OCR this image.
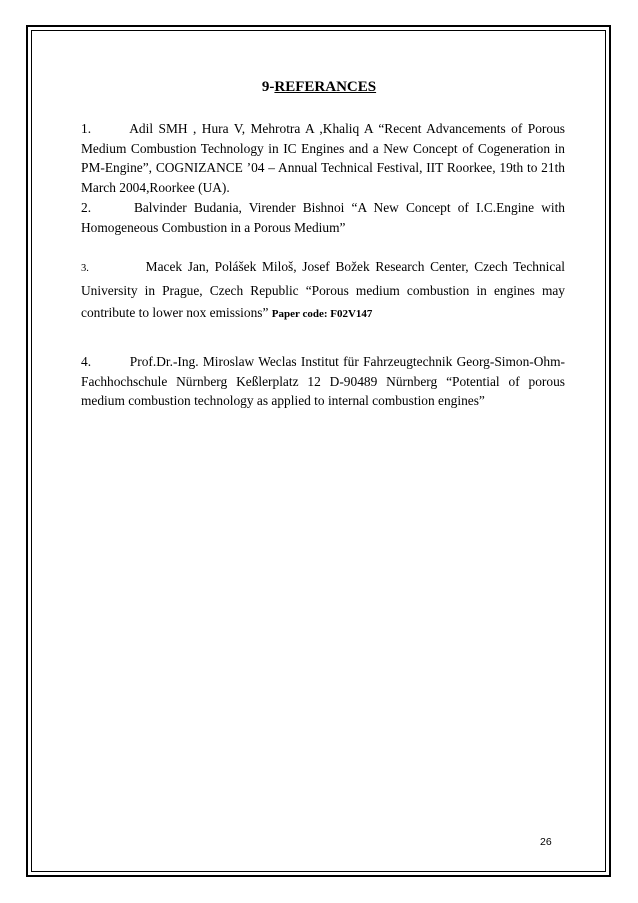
9-REFERANCES

1.	Adil SMH , Hura V, Mehrotra A ,Khaliq A “Recent Advancements of Porous Medium Combustion Technology in IC Engines and a New Concept of Cogeneration in PM-Engine”, COGNIZANCE ’04 – Annual Technical Festival, IIT Roorkee, 19th to 21th March 2004,Roorkee (UA).

2.	Balvinder Budania, Virender Bishnoi “A New Concept of I.C.Engine with Homogeneous Combustion in a Porous Medium”

3.	Macek Jan, Polášek Miloš, Josef Božek Research Center, Czech Technical University in Prague, Czech Republic “Porous medium combustion in engines may contribute to lower nox emissions” Paper code: F02V147

4.	Prof.Dr.-Ing. Miroslaw Weclas Institut für Fahrzeugtechnik Georg-Simon-Ohm-Fachhochschule Nürnberg Keßlerplatz 12 D-90489 Nürnberg “Potential of porous medium combustion technology as applied to internal combustion engines”

26
